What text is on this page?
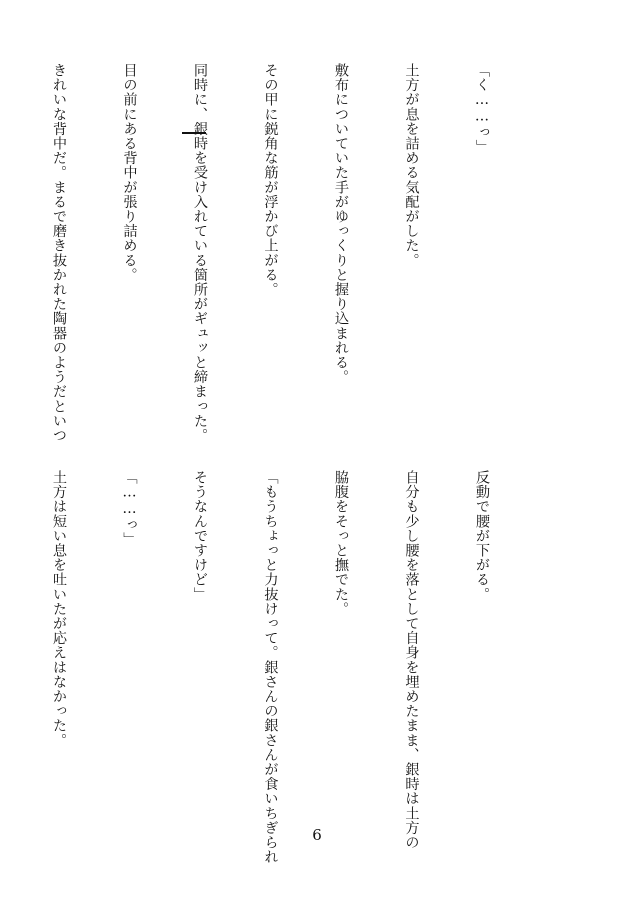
「く……っ」

土方が息を詰める気配がした。

敷布についていた手がゆっくりと握り込まれる。

その甲に鋭角な筋が浮かび上がる。

同時に、銀時を受け入れている箇所がギュッと締まった。

目の前にある背中が張り詰める。

きれいな背中だ。まるで磨き抜かれた陶器のようだといつ

反動で腰が下がる。

自分も少し腰を落として自身を埋めたまま、銀時は土方の

脇腹をそっと撫でた。

「もうちょっと力抜けって。銀さんの銀さんが食いちぎられ

そうなんですけど」

「……っ」

土方は短い息を吐いたが応えはなかった。

6
